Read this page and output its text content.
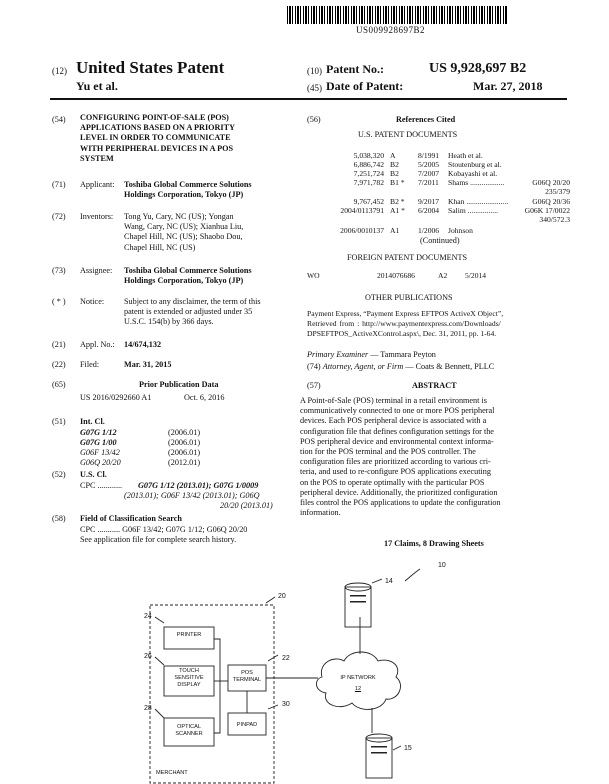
US009928697B2
(12) United States Patent
Yu et al.
(10) Patent No.:	US 9,928,697 B2
(45) Date of Patent:	Mar. 27, 2018
(54) CONFIGURING POINT-OF-SALE (POS)
APPLICATIONS BASED ON A PRIORITY
LEVEL IN ORDER TO COMMUNICATE
WITH PERIPHERAL DEVICES IN A POS
SYSTEM
(71) Applicant: Toshiba Global Commerce Solutions
Holdings Corporation, Tokyo (JP)
(72) Inventors: Tong Yu, Cary, NC (US); Yongan
Wang, Cary, NC (US); Xianhua Liu,
Chapel Hill, NC (US); Shaobo Dou,
Chapel Hill, NC (US)
(73) Assignee: Toshiba Global Commerce Solutions
Holdings Corporation, Tokyo (JP)
( * ) Notice: Subject to any disclaimer, the term of this
patent is extended or adjusted under 35
U.S.C. 154(b) by 366 days.
(21) Appl. No.: 14/674,132
(22) Filed:	Mar. 31, 2015
(65)	Prior Publication Data
US 2016/0292660 A1	Oct. 6, 2016
(51) Int. Cl.
G07G 1/12	(2006.01)
G07G 1/00	(2006.01)
G06F 13/42	(2006.01)
G06Q 20/20	(2012.01)
(52) U.S. Cl.
CPC ............ G07G 1/12 (2013.01); G07G 1/0009
(2013.01); G06F 13/42 (2013.01); G06Q
20/20 (2013.01)
(58) Field of Classification Search
CPC ........... G06F 13/42; G07G 1/12; G06Q 20/20
See application file for complete search history.
(56)	References Cited
U.S. PATENT DOCUMENTS
5,038,320 A	8/1991 Heath et al.
6,886,742 B2	5/2005 Stoutenburg et al.
7,251,724 B2	7/2007 Kobayashi et al.
7,971,782 B1 * 7/2011 Shams ..................	G06Q 20/20
235/379
9,767,452 B2 * 9/2017 Khan ......................	G06Q 20/36
2004/0113791 A1 * 6/2004 Salim ................	G06K 17/0022
340/572.3
2006/0010137 A1 1/2006 Johnson
(Continued)
FOREIGN PATENT DOCUMENTS
WO	2014076686	A2 5/2014
OTHER PUBLICATIONS
Payment Express, “Payment Express EFTPOS ActiveX Object”,
Retrieved from : http://www.paymentexpress.com/Downloads/
DPSEFTPOS_ActiveXControl.aspx\, Dec. 31, 2011, pp. 1-64.
Primary Examiner — Tammara Peyton
(74) Attorney, Agent, or Firm — Coats & Bennett, PLLC
(57)	ABSTRACT
A Point-of-Sale (POS) terminal in a retail environment is
communicatively connected to one or more POS peripheral
devices. Each POS peripheral device is associated with a
configuration file that defines configuration settings for the
POS peripheral device and environmental context informa-
tion for the POS terminal and the POS controller. The
configuration files are prioritized according to various cri-
teria, and used to re-configure POS applications executing
on the POS to operate optimally with the particular POS
peripheral device. Additionally, the prioritized configuration
files control the POS applications to update the configuration
information.
17 Claims, 8 Drawing Sheets
10
14
15
20
22
24
26
28
30
PRINTER
TOUCH
SENSITIVE
DISPLAY
POS
TERMINAL
OPTICAL
SCANNER
PINPAD
IP NETWORK
12
MERCHANT
